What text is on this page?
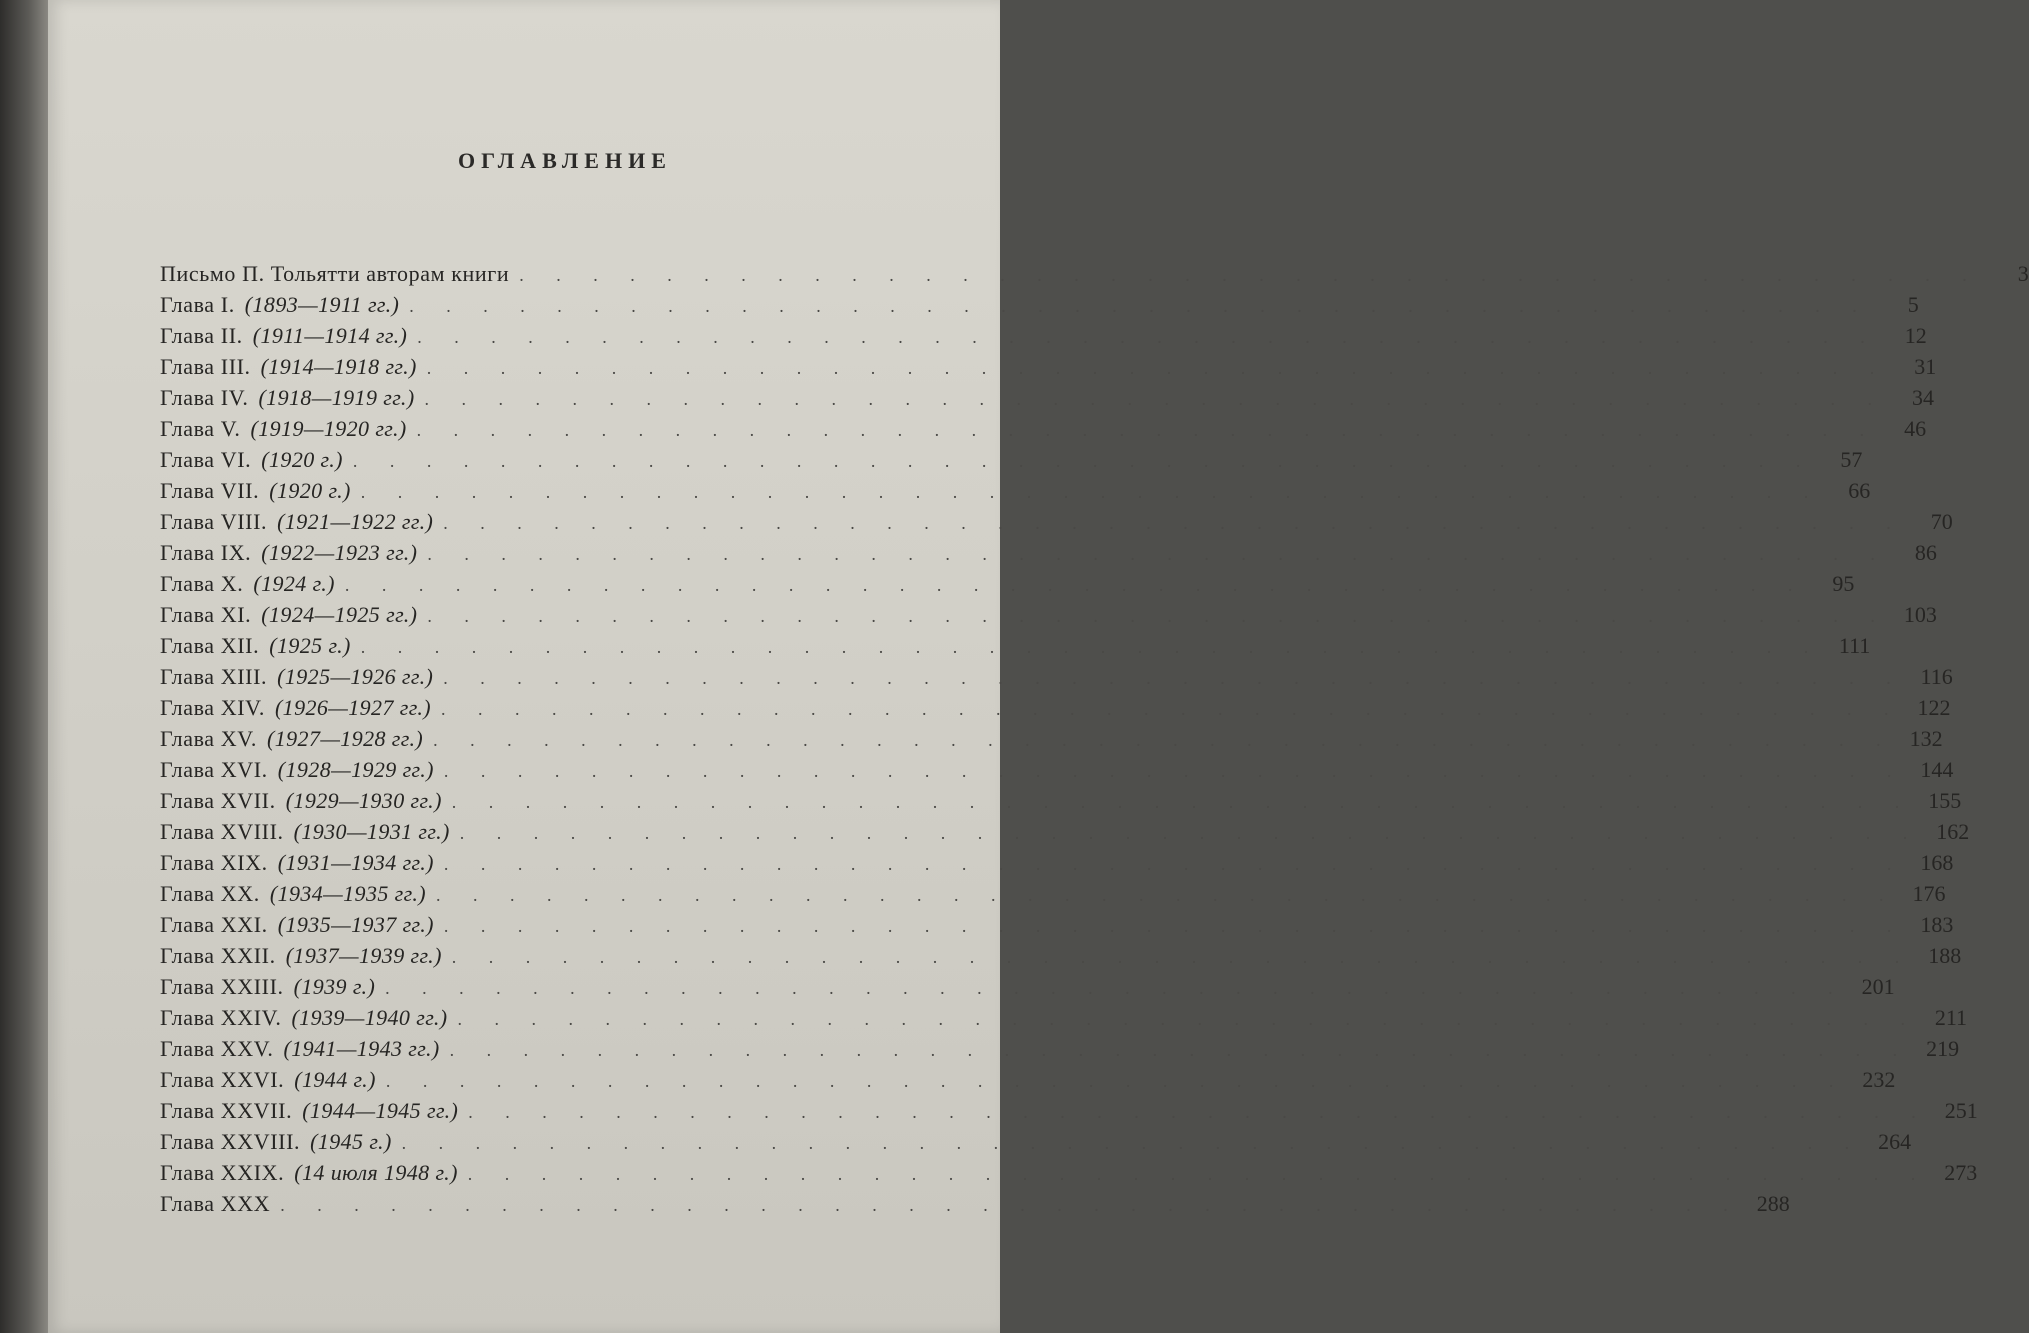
ОГЛАВЛЕНИЕ
Письмо П. Тольятти авторам книги . . . . . . . . . . . . . . . . . . . . . . . . . . . . . . . . . . . . . . . .	3
Глава I. (1893—1911 гг.) . . . . . . . . . . . . . . . . . . . . . . . . . . . . . . . . . . . . . . . .	5
Глава II. (1911—1914 гг.) . . . . . . . . . . . . . . . . . . . . . . . . . . . . . . . . . . . . . . . .	12
Глава III. (1914—1918 гг.) . . . . . . . . . . . . . . . . . . . . . . . . . . . . . . . . . . . . . . . .	31
Глава IV. (1918—1919 гг.) . . . . . . . . . . . . . . . . . . . . . . . . . . . . . . . . . . . . . . . .	34
Глава V. (1919—1920 гг.) . . . . . . . . . . . . . . . . . . . . . . . . . . . . . . . . . . . . . . . .	46
Глава VI. (1920 г.) . . . . . . . . . . . . . . . . . . . . . . . . . . . . . . . . . . . . . . . .	57
Глава VII. (1920 г.) . . . . . . . . . . . . . . . . . . . . . . . . . . . . . . . . . . . . . . . .	66
Глава VIII. (1921—1922 гг.) . . . . . . . . . . . . . . . . . . . . . . . . . . . . . . . . . . . . . . . .	70
Глава IX. (1922—1923 гг.) . . . . . . . . . . . . . . . . . . . . . . . . . . . . . . . . . . . . . . . .	86
Глава X. (1924 г.) . . . . . . . . . . . . . . . . . . . . . . . . . . . . . . . . . . . . . . . .	95
Глава XI. (1924—1925 гг.) . . . . . . . . . . . . . . . . . . . . . . . . . . . . . . . . . . . . . . . . 103
Глава XII. (1925 г.) . . . . . . . . . . . . . . . . . . . . . . . . . . . . . . . . . . . . . . . . 111
Глава XIII. (1925—1926 гг.) . . . . . . . . . . . . . . . . . . . . . . . . . . . . . . . . . . . . . . . . 116
Глава XIV. (1926—1927 гг.) . . . . . . . . . . . . . . . . . . . . . . . . . . . . . . . . . . . . . . . . 122
Глава XV. (1927—1928 гг.) . . . . . . . . . . . . . . . . . . . . . . . . . . . . . . . . . . . . . . . . 132
Глава XVI. (1928—1929 гг.) . . . . . . . . . . . . . . . . . . . . . . . . . . . . . . . . . . . . . . . . 144
Глава XVII. (1929—1930 гг.) . . . . . . . . . . . . . . . . . . . . . . . . . . . . . . . . . . . . . . . . 155
Глава XVIII. (1930—1931 гг.) . . . . . . . . . . . . . . . . . . . . . . . . . . . . . . . . . . . . . . . . 162
Глава XIX. (1931—1934 гг.) . . . . . . . . . . . . . . . . . . . . . . . . . . . . . . . . . . . . . . . . 168
Глава XX. (1934—1935 гг.) . . . . . . . . . . . . . . . . . . . . . . . . . . . . . . . . . . . . . . . . 176
Глава XXI. (1935—1937 гг.) . . . . . . . . . . . . . . . . . . . . . . . . . . . . . . . . . . . . . . . . 183
Глава XXII. (1937—1939 гг.) . . . . . . . . . . . . . . . . . . . . . . . . . . . . . . . . . . . . . . . . 188
Глава XXIII. (1939 г.) . . . . . . . . . . . . . . . . . . . . . . . . . . . . . . . . . . . . . . . . 201
Глава XXIV. (1939—1940 гг.) . . . . . . . . . . . . . . . . . . . . . . . . . . . . . . . . . . . . . . . . 211
Глава XXV. (1941—1943 гг.) . . . . . . . . . . . . . . . . . . . . . . . . . . . . . . . . . . . . . . . . 219
Глава XXVI. (1944 г.) . . . . . . . . . . . . . . . . . . . . . . . . . . . . . . . . . . . . . . . . 232
Глава XXVII. (1944—1945 гг.) . . . . . . . . . . . . . . . . . . . . . . . . . . . . . . . . . . . . . . . . 251
Глава XXVIII. (1945 г.) . . . . . . . . . . . . . . . . . . . . . . . . . . . . . . . . . . . . . . . . 264
Глава XXIX. (14 июля 1948 г.) . . . . . . . . . . . . . . . . . . . . . . . . . . . . . . . . . . . . . . . . 273
Глава XXX . . . . . . . . . . . . . . . . . . . . . . . . . . . . . . . . . . . . . . . . 288
